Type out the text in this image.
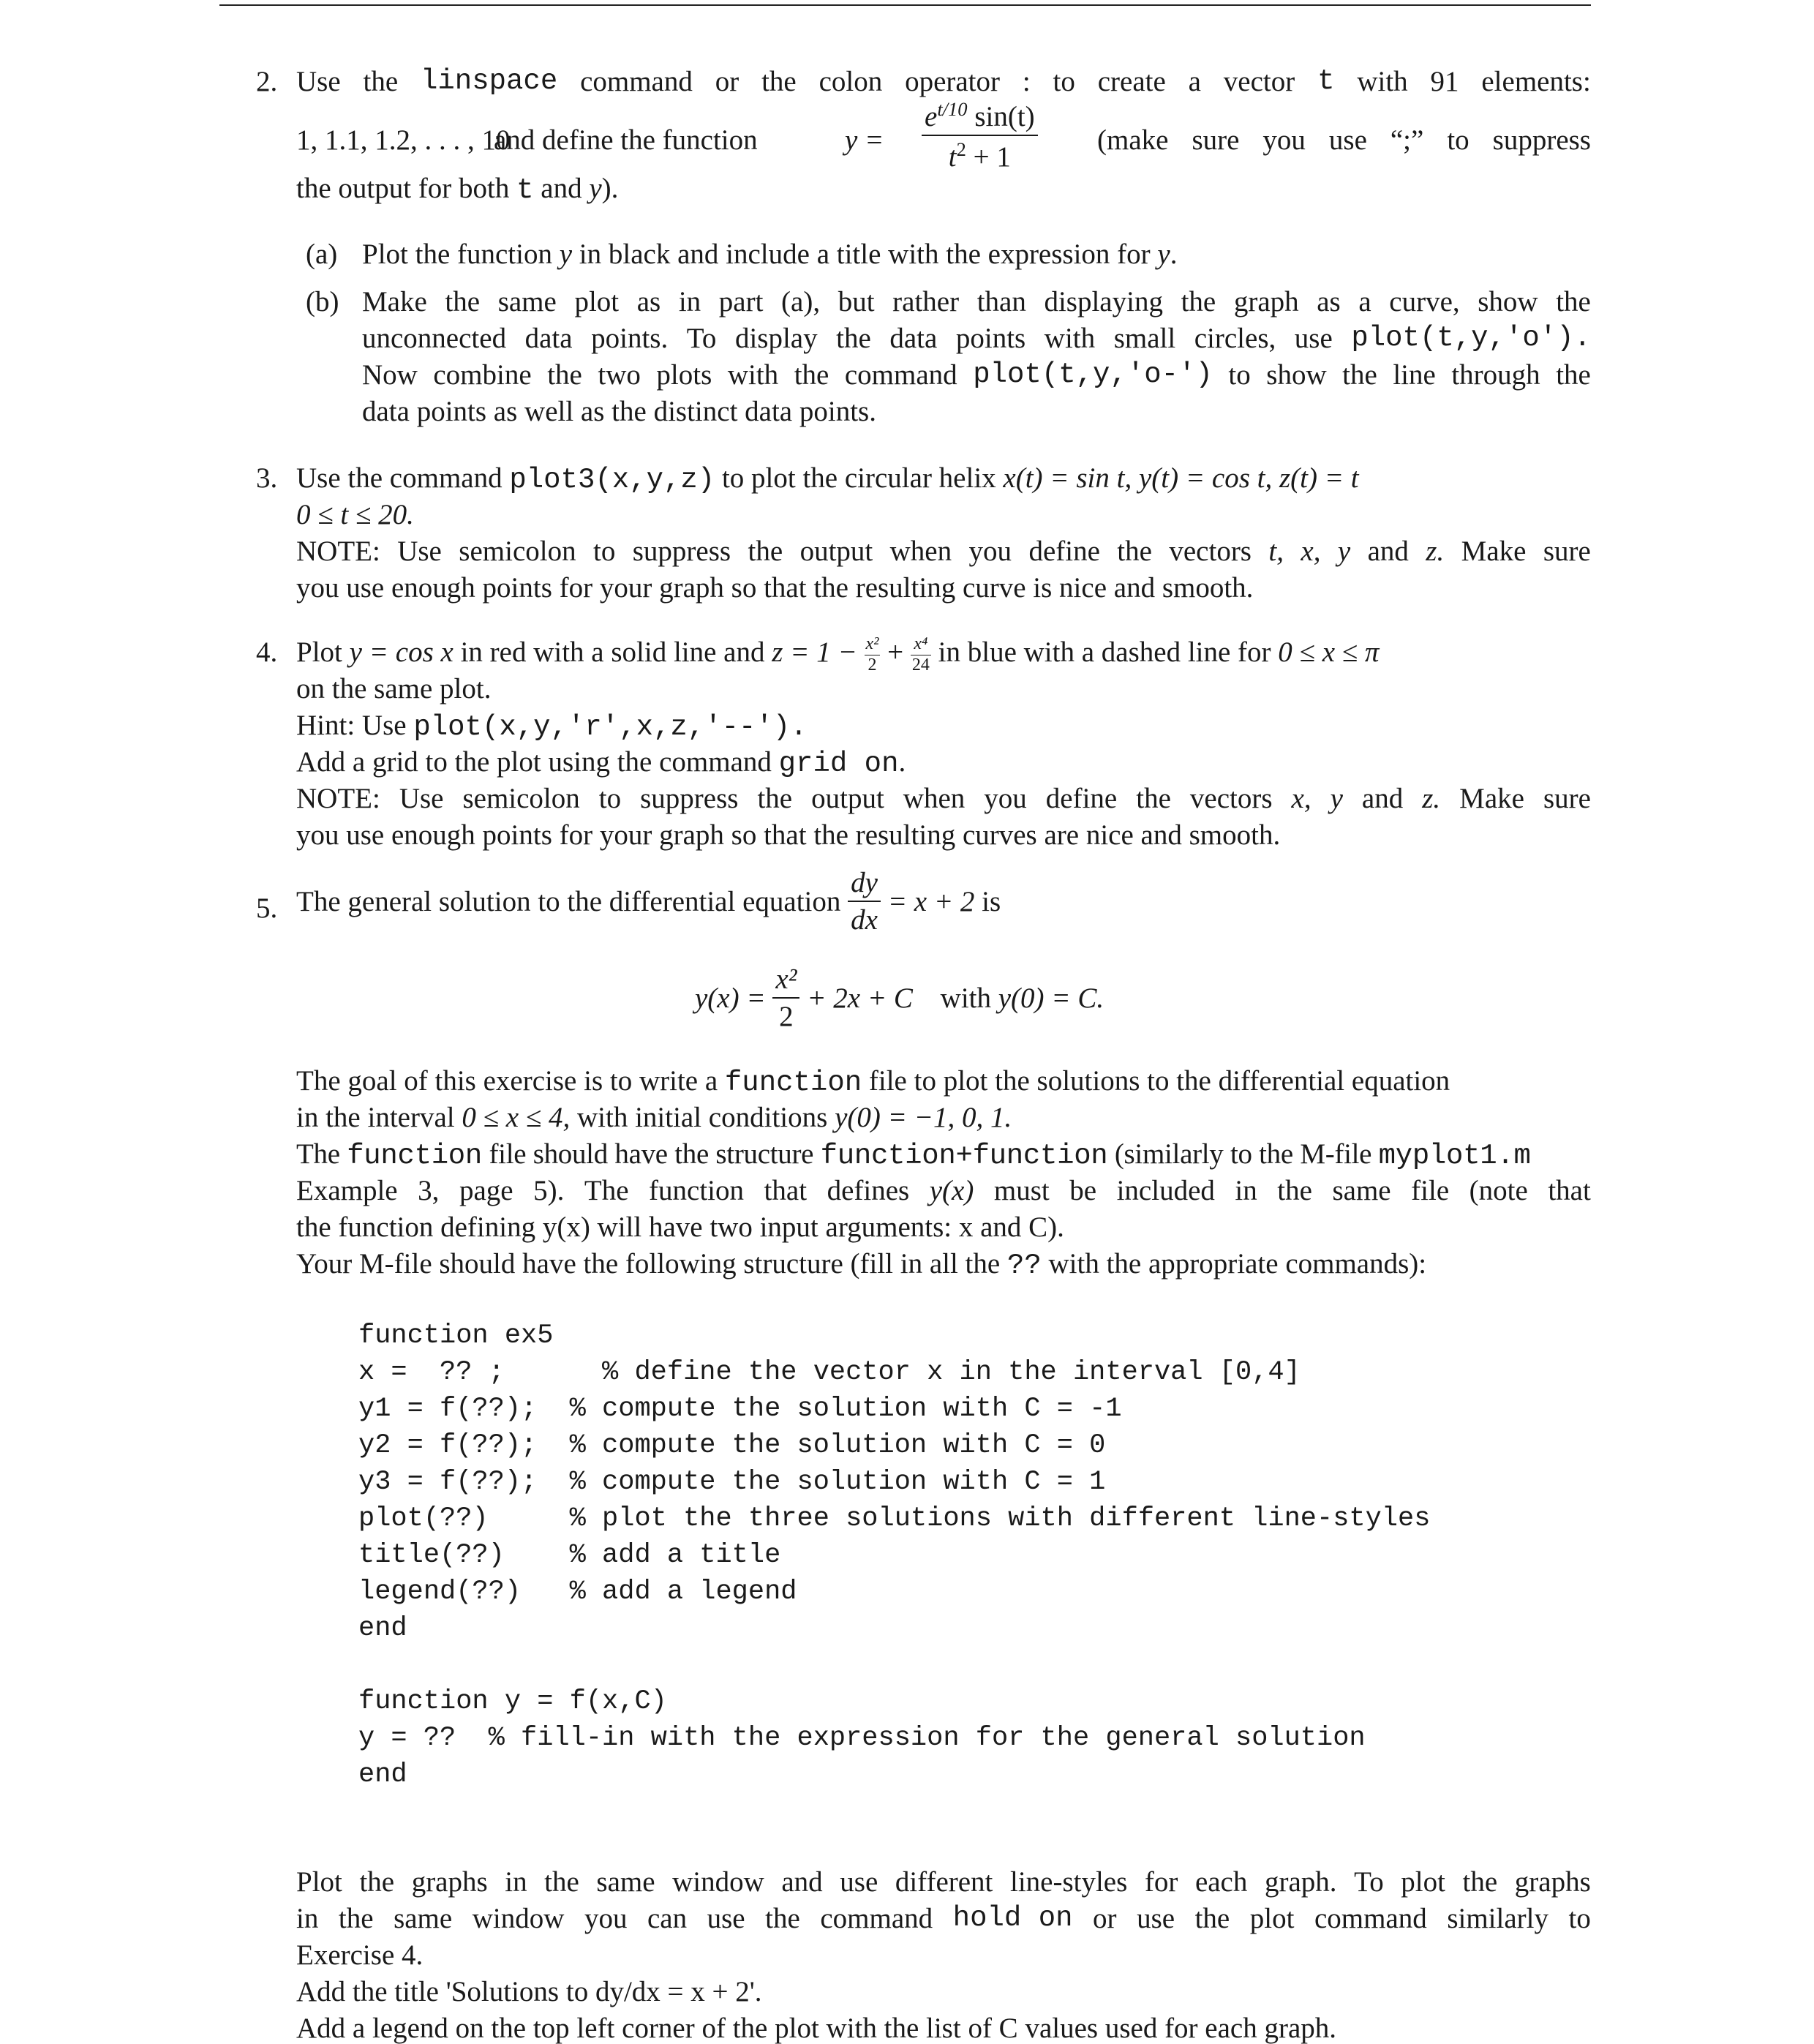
2. Use the linspace command or the colon operator : to create a vector t with 91 elements:
1, 1.1, 1.2, . . . , 10
and define the function	$y = \frac{e^{t/10} \sin(t)}{t^2 + 1}$ (make sure you use “;” to suppress
the output for both t and y).
(a) Plot the function y in black and include a title with the expression for y.
(b) Make the same plot as in part (a), but rather than displaying the graph as a curve, show the
unconnected data points. To display the data points with small circles, use plot(t,y,'o').
Now combine the two plots with the command plot(t,y,'o-') to show the line through the
data points as well as the distinct data points.
3. Use the command plot3(x,y,z) to plot the circular helix x(t) = sin t, y(t) = cos t, z(t) = t
0 ≤ t ≤ 20.
NOTE: Use semicolon to suppress the output when you define the vectors t, x, y and z. Make sure
you use enough points for your graph so that the resulting curve is nice and smooth.
4. Plot y = cos x in red with a solid line and $z = 1 - \frac{\text{x²}}{2} + \frac{\text{x⁴}}{24}$ in blue with a dashed line for 0 ≤ x ≤ π
on the same plot.
Hint: Use plot(x,y,'r',x,z,'--').
Add a grid to the plot using the command grid on.
NOTE: Use semicolon to suppress the output when you define the vectors x, y and z. Make sure
you use enough points for your graph so that the resulting curves are nice and smooth.
5. The general solution to the differential equation $\frac{dy}{dx} = x + 2$ is
$y(x) = \frac{\text{x²}}{2} + 2x + C$ with y(0) = C.
The goal of this exercise is to write a function file to plot the solutions to the differential equation
in the interval 0 ≤ x ≤ 4, with initial conditions y(0) = −1, 0, 1.
The function file should have the structure function+function (similarly to the M-file myplot1.m
Example 3, page 5). The function that defines y(x) must be included in the same file (note that
the function defining y(x) will have two input arguments: x and C).
Your M-file should have the following structure (fill in all the ?? with the appropriate commands):
function ex5
x =  ?? ;      % define the vector x in the interval [0,4]
y1 = f(??);  % compute the solution with C = -1
y2 = f(??);  % compute the solution with C = 0
y3 = f(??);  % compute the solution with C = 1
plot(??)     % plot the three solutions with different line-styles
title(??)    % add a title
legend(??)   % add a legend
end
function y = f(x,C)
y = ??  % fill-in with the expression for the general solution
end
Plot the graphs in the same window and use different line-styles for each graph. To plot the graphs
in the same window you can use the command hold on or use the plot command similarly to
Exercise 4.
Add the title 'Solutions to dy/dx = x + 2'.
Add a legend on the top left corner of the plot with the list of C values used for each graph.
